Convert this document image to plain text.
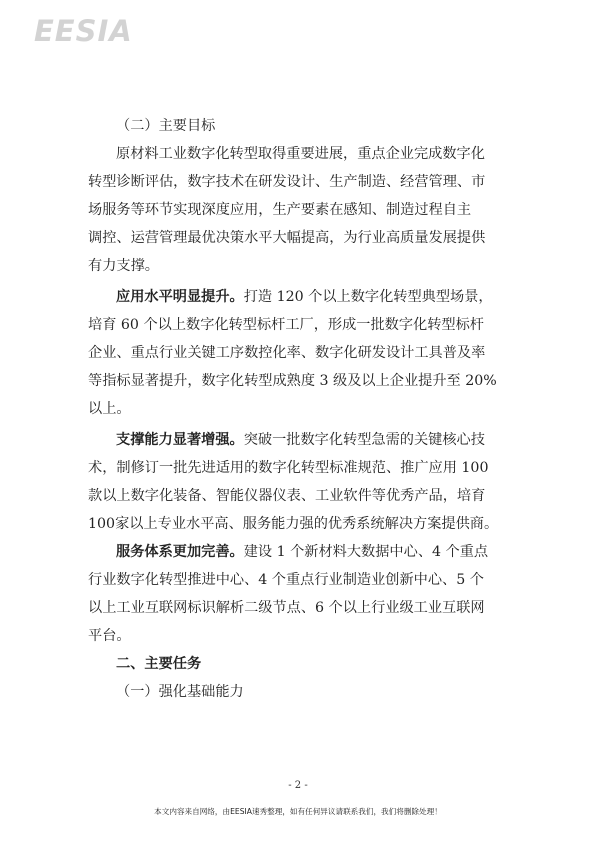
EESIA
（二）主要目标
原材料工业数字化转型取得重要进展，重点企业完成数字化
转型诊断评估，数字技术在研发设计、生产制造、经营管理、市
场服务等环节实现深度应用，生产要素在感知、制造过程自主
调控、运营管理最优决策水平大幅提高，为行业高质量发展提供
有力支撑。
应用水平明显提升。打造 120 个以上数字化转型典型场景，
培育 60 个以上数字化转型标杆工厂，形成一批数字化转型标杆
企业、重点行业关键工序数控化率、数字化研发设计工具普及率
等指标显著提升，数字化转型成熟度 3 级及以上企业提升至 20%
以上。
支撑能力显著增强。突破一批数字化转型急需的关键核心技
术，制修订一批先进适用的数字化转型标准规范、推广应用 100
款以上数字化装备、智能仪器仪表、工业软件等优秀产品，培育
100家以上专业水平高、服务能力强的优秀系统解决方案提供商。
服务体系更加完善。建设 1 个新材料大数据中心、4 个重点
行业数字化转型推进中心、4 个重点行业制造业创新中心、5 个
以上工业互联网标识解析二级节点、6 个以上行业级工业互联网
平台。
二、主要任务
（一）强化基础能力
- 2 -
本文内容来自网络，由EESIA速秀整理，如有任何异议请联系我们，我们将删除处理！
